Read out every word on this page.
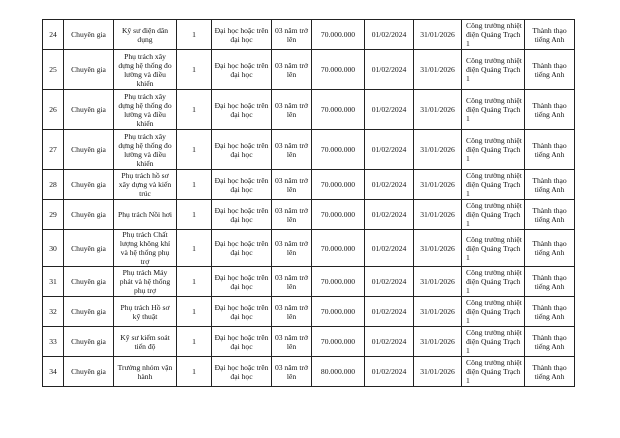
24	Chuyên gia	Kỹ sư điện dân dụng	1	Đại học hoặc trên đại học	03 năm trở lên	70.000.000	01/02/2024	31/01/2026	Công trường nhiệt điện Quảng Trạch 1	Thành thạo tiếng Anh
25	Chuyên gia	Phụ trách xây dựng hệ thống đo lường và điều khiển	1	Đại học hoặc trên đại học	03 năm trở lên	70.000.000	01/02/2024	31/01/2026	Công trường nhiệt điện Quảng Trạch 1	Thành thạo tiếng Anh
26	Chuyên gia	Phụ trách xây dựng hệ thống đo lường và điều khiển	1	Đại học hoặc trên đại học	03 năm trở lên	70.000.000	01/02/2024	31/01/2026	Công trường nhiệt điện Quảng Trạch 1	Thành thạo tiếng Anh
27	Chuyên gia	Phụ trách xây dựng hệ thống đo lường và điều khiển	1	Đại học hoặc trên đại học	03 năm trở lên	70.000.000	01/02/2024	31/01/2026	Công trường nhiệt điện Quảng Trạch 1	Thành thạo tiếng Anh
28	Chuyên gia	Phụ trách hồ sơ xây dựng và kiến trúc	1	Đại học hoặc trên đại học	03 năm trở lên	70.000.000	01/02/2024	31/01/2026	Công trường nhiệt điện Quảng Trạch 1	Thành thạo tiếng Anh
29	Chuyên gia	Phụ trách Nồi hơi	1	Đại học hoặc trên đại học	03 năm trở lên	70.000.000	01/02/2024	31/01/2026	Công trường nhiệt điện Quảng Trạch 1	Thành thạo tiếng Anh
30	Chuyên gia	Phụ trách Chất lượng không khí và hệ thống phụ trợ	1	Đại học hoặc trên đại học	03 năm trở lên	70.000.000	01/02/2024	31/01/2026	Công trường nhiệt điện Quảng Trạch 1	Thành thạo tiếng Anh
31	Chuyên gia	Phụ trách Máy phát và hệ thống phụ trợ	1	Đại học hoặc trên đại học	03 năm trở lên	70.000.000	01/02/2024	31/01/2026	Công trường nhiệt điện Quảng Trạch 1	Thành thạo tiếng Anh
32	Chuyên gia	Phụ trách Hồ sơ kỹ thuật	1	Đại học hoặc trên đại học	03 năm trở lên	70.000.000	01/02/2024	31/01/2026	Công trường nhiệt điện Quảng Trạch 1	Thành thạo tiếng Anh
33	Chuyên gia	Kỹ sư kiểm soát tiến độ	1	Đại học hoặc trên đại học	03 năm trở lên	70.000.000	01/02/2024	31/01/2026	Công trường nhiệt điện Quảng Trạch 1	Thành thạo tiếng Anh
34	Chuyên gia	Trưởng nhóm vận hành	1	Đại học hoặc trên đại học	03 năm trở lên	80.000.000	01/02/2024	31/01/2026	Công trường nhiệt điện Quảng Trạch 1	Thành thạo tiếng Anh
